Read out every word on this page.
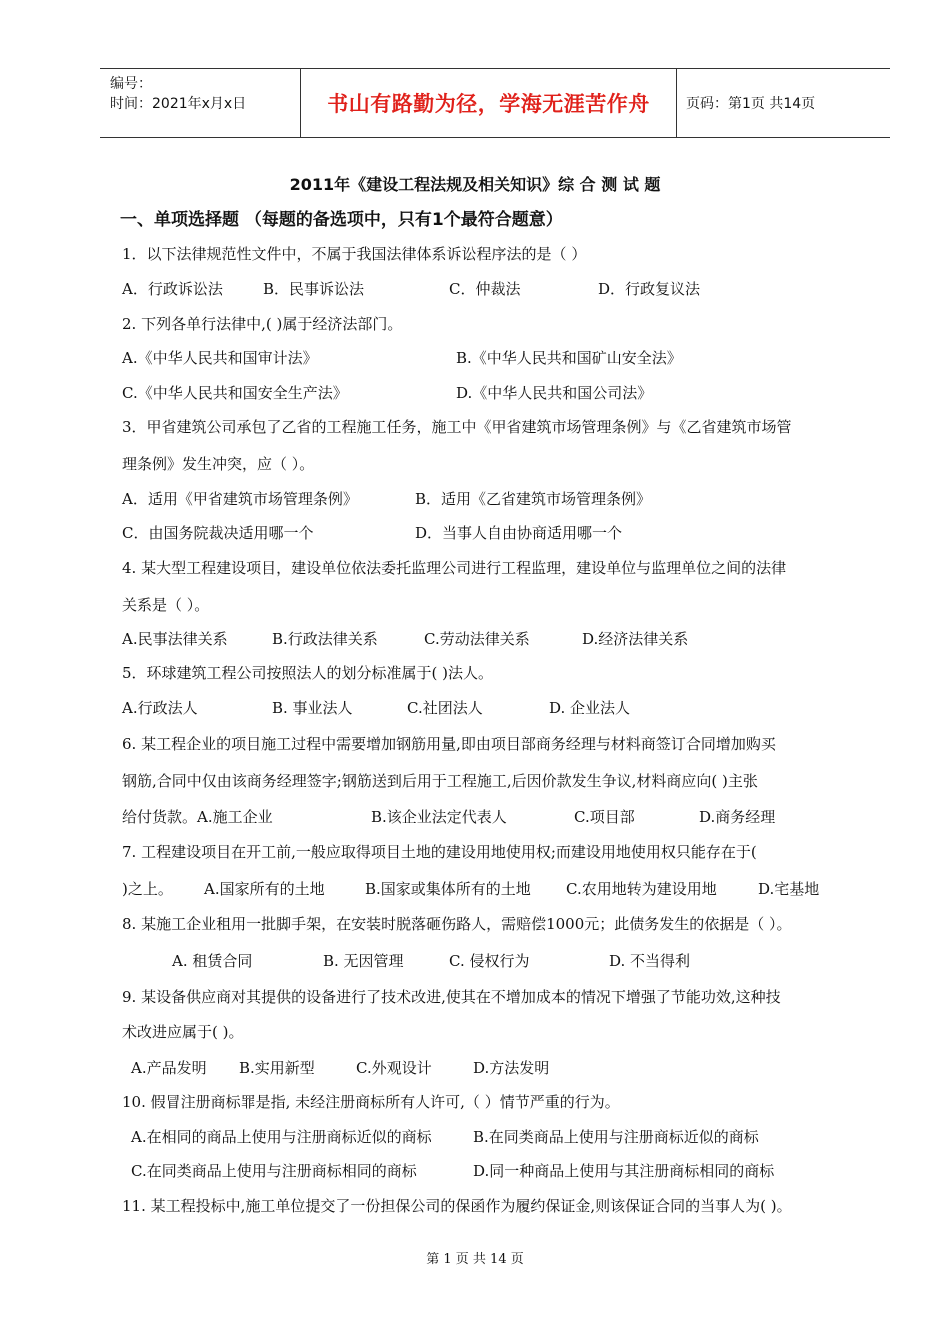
编号：
时间：2021年x月x日	书山有路勤为径，学海无涯苦作舟	页码：第1页 共14页
2011年《建设工程法规及相关知识》综 合 测 试 题
一、单项选择题 （每题的备选项中，只有1个最符合题意）
1．以下法律规范性文件中，不属于我国法律体系诉讼程序法的是（ ）
A．行政诉讼法	B．民事诉讼法	C．仲裁法	D．行政复议法
2. 下列各单行法律中,( )属于经济法部门。
A.《中华人民共和国审计法》	B.《中华人民共和国矿山安全法》
C.《中华人民共和国安全生产法》	D.《中华人民共和国公司法》
3．甲省建筑公司承包了乙省的工程施工任务，施工中《甲省建筑市场管理条例》与《乙省建筑市场管
理条例》发生冲突，应（ ）。
A．适用《甲省建筑市场管理条例》	B．适用《乙省建筑市场管理条例》
C．由国务院裁决适用哪一个	D．当事人自由协商适用哪一个
4. 某大型工程建设项目，建设单位依法委托监理公司进行工程监理，建设单位与监理单位之间的法律
关系是（ ）。
A.民事法律关系	B.行政法律关系	C.劳动法律关系	D.经济法律关系
5．环球建筑工程公司按照法人的划分标准属于( )法人。
A.行政法人	B. 事业法人	C.社团法人	D. 企业法人
6. 某工程企业的项目施工过程中需要增加钢筋用量,即由项目部商务经理与材料商签订合同增加购买
钢筋,合同中仅由该商务经理签字;钢筋送到后用于工程施工,后因价款发生争议,材料商应向( )主张
给付货款。A.施工企业	B.该企业法定代表人	C.项目部	D.商务经理
7. 工程建设项目在开工前,一般应取得项目土地的建设用地使用权;而建设用地使用权只能存在于(
)之上。 A.国家所有的土地	B.国家或集体所有的土地 C.农用地转为建设用地	D.宅基地
8. 某施工企业租用一批脚手架，在安装时脱落砸伤路人，需赔偿1000元；此债务发生的依据是（ ）。
A. 租赁合同	B. 无因管理	C. 侵权行为	D. 不当得利
9. 某设备供应商对其提供的设备进行了技术改进,使其在不增加成本的情况下增强了节能功效,这种技
术改进应属于( )。
A.产品发明 B.实用新型	C.外观设计	D.方法发明
10. 假冒注册商标罪是指, 未经注册商标所有人许可,（ ）情节严重的行为。
A.在相同的商品上使用与注册商标近似的商标	B.在同类商品上使用与注册商标近似的商标
C.在同类商品上使用与注册商标相同的商标	D.同一种商品上使用与其注册商标相同的商标
11. 某工程投标中,施工单位提交了一份担保公司的保函作为履约保证金,则该保证合同的当事人为( )。
第 1 页 共 14 页
